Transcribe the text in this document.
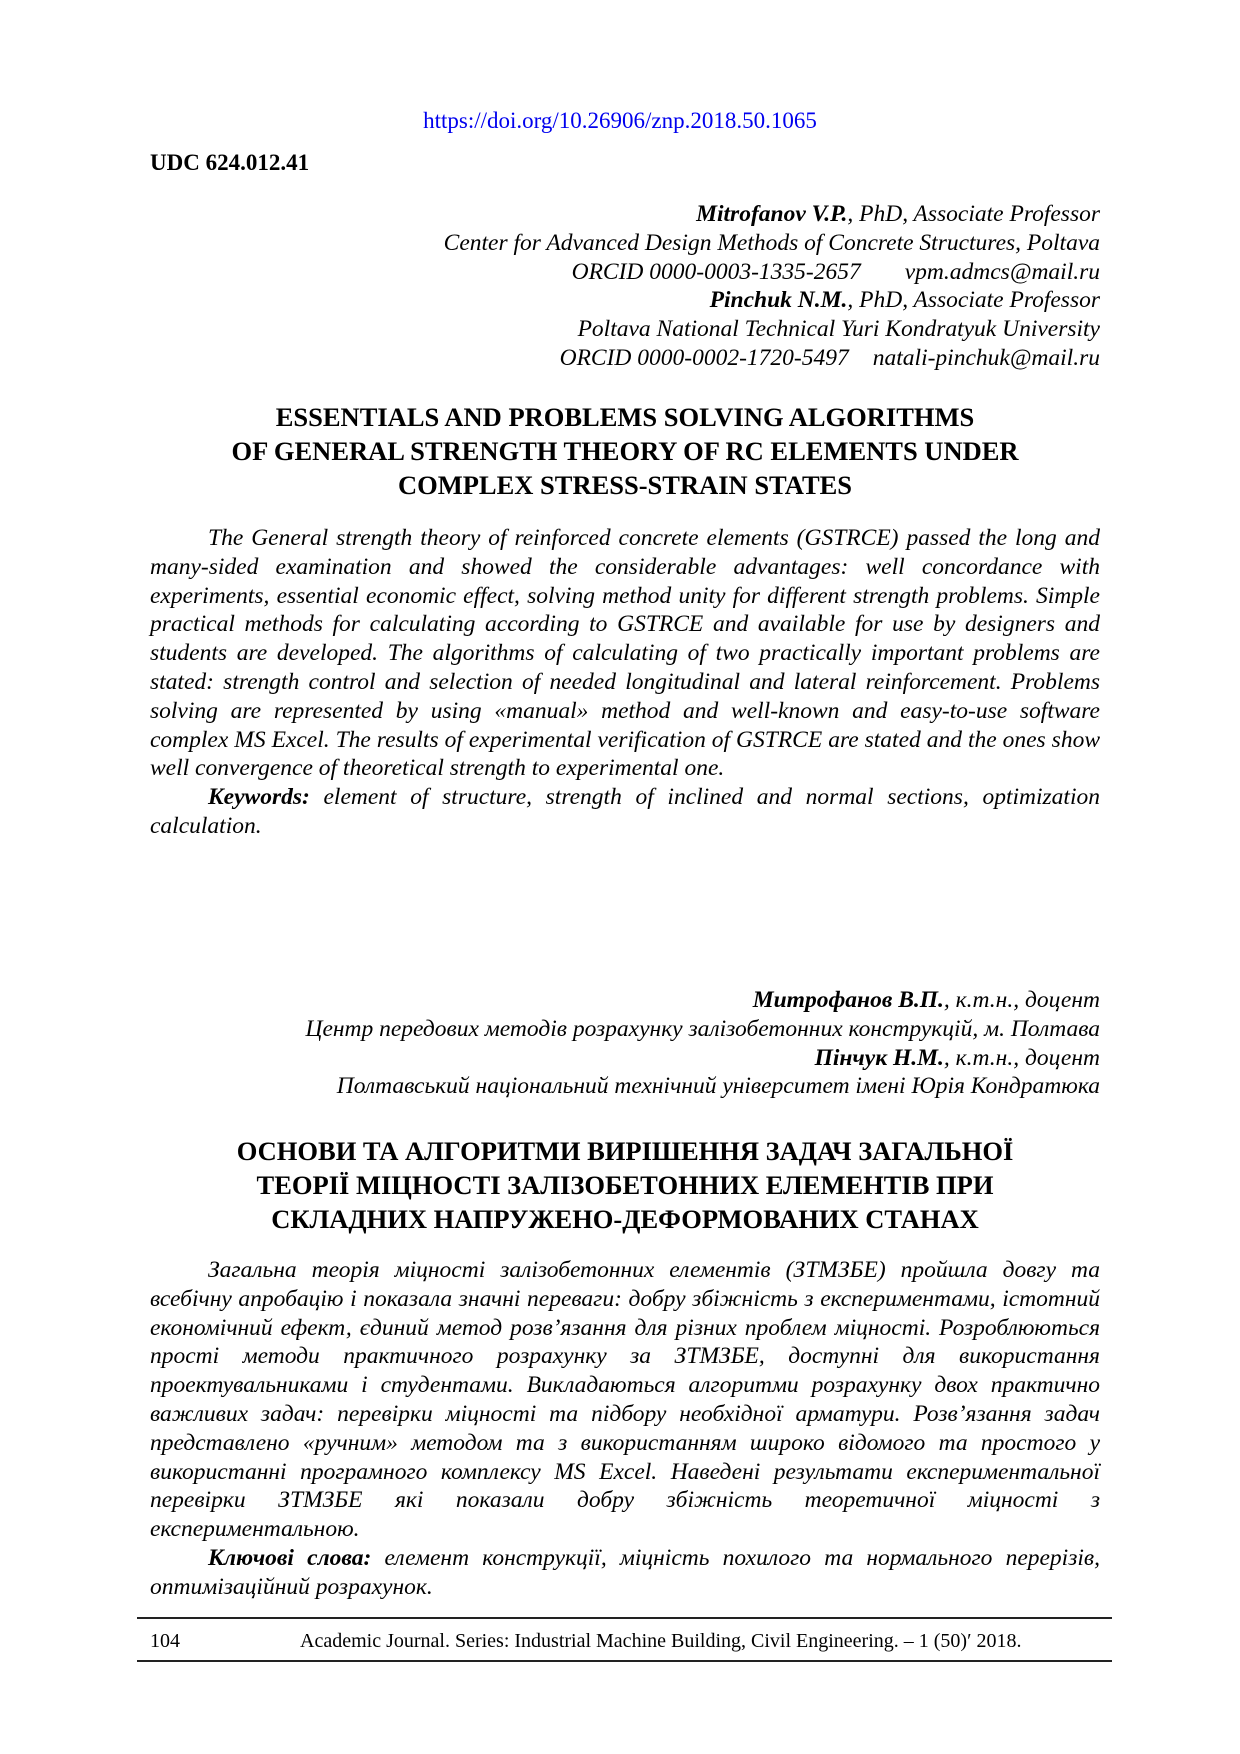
https://doi.org/10.26906/znp.2018.50.1065
UDC 624.012.41
Mitrofanov V.P., PhD, Associate Professor
Center for Advanced Design Methods of Concrete Structures, Poltava
ORCID 0000-0003-1335-2657 vpm.admcs@mail.ru
Pinchuk N.M., PhD, Associate Professor
Poltava National Technical Yuri Kondratyuk University
ORCID 0000-0002-1720-5497 natali-pinchuk@mail.ru
ESSENTIALS AND PROBLEMS SOLVING ALGORITHMS
OF GENERAL STRENGTH THEORY OF RC ELEMENTS UNDER
COMPLEX STRESS-STRAIN STATES

The General strength theory of reinforced concrete elements (GSTRCE) passed the long and many-sided examination and showed the considerable advantages: well concordance with experiments, essential economic effect, solving method unity for different strength problems. Simple practical methods for calculating according to GSTRCE and available for use by designers and students are developed. The algorithms of calculating of two practically important problems are stated: strength control and selection of needed longitudinal and lateral reinforcement. Problems solving are represented by using «manual» method and well-known and easy-to-use software complex MS Excel. The results of experimental verification of GSTRCE are stated and the ones show well convergence of theoretical strength to experimental one.

Keywords: element of structure, strength of inclined and normal sections, optimization calculation.

Митрофанов В.П., к.т.н., доцент
Центр передових методів розрахунку залізобетонних конструкцій, м. Полтава
Пінчук Н.М., к.т.н., доцент
Полтавський національний технічний університет імені Юрія Кондратюка
ОСНОВИ ТА АЛГОРИТМИ ВИРІШЕННЯ ЗАДАЧ ЗАГАЛЬНОЇ
ТЕОРІЇ МІЦНОСТІ ЗАЛІЗОБЕТОННИХ ЕЛЕМЕНТІВ ПРИ
СКЛАДНИХ НАПРУЖЕНО-ДЕФОРМОВАНИХ СТАНАХ

Загальна теорія міцності залізобетонних елементів (ЗТМЗБЕ) пройшла довгу та всебічну апробацію і показала значні переваги: добру збіжність з експериментами, істотний економічний ефект, єдиний метод розв’язання для різних проблем міцності. Розроблюються прості методи практичного розрахунку за ЗТМЗБЕ, доступні для використання проектувальниками і студентами. Викладаються алгоритми розрахунку двох практично важливих задач: перевірки міцності та підбору необхідної арматури. Розв’язання задач представлено «ручним» методом та з використанням широко відомого та простого у використанні програмного комплексу MS Excel. Наведені результати експериментальної перевірки ЗТМЗБЕ які показали добру збіжність теоретичної міцності з експериментальною.

Ключові слова: елемент конструкції, міцність похилого та нормального перерізів, оптимізаційний розрахунок.

104	Academic Journal. Series: Industrial Machine Building, Civil Engineering. – 1 (50)′ 2018.
